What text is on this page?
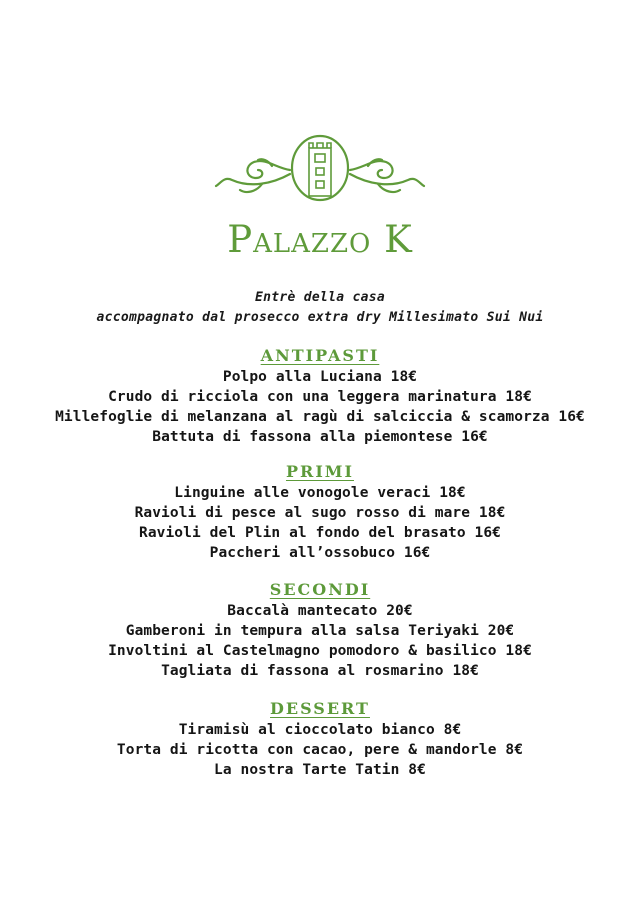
Palazzo K
Entrè della casa
accompagnato dal prosecco extra dry Millesimato Sui Nui
ANTIPASTI
Polpo alla Luciana 18€
Crudo di ricciola con una leggera marinatura 18€
Millefoglie di melanzana al ragù di salciccia & scamorza 16€
Battuta di fassona alla piemontese 16€
PRIMI
Linguine alle vonogole veraci 18€
Ravioli di pesce al sugo rosso di mare 18€
Ravioli del Plin al fondo del brasato 16€
Paccheri all’ossobuco 16€
SECONDI
Baccalà mantecato 20€
Gamberoni in tempura alla salsa Teriyaki 20€
Involtini al Castelmagno pomodoro & basilico 18€
Tagliata di fassona al rosmarino 18€
DESSERT
Tiramisù al cioccolato bianco 8€
Torta di ricotta con cacao, pere & mandorle 8€
La nostra Tarte Tatin 8€
